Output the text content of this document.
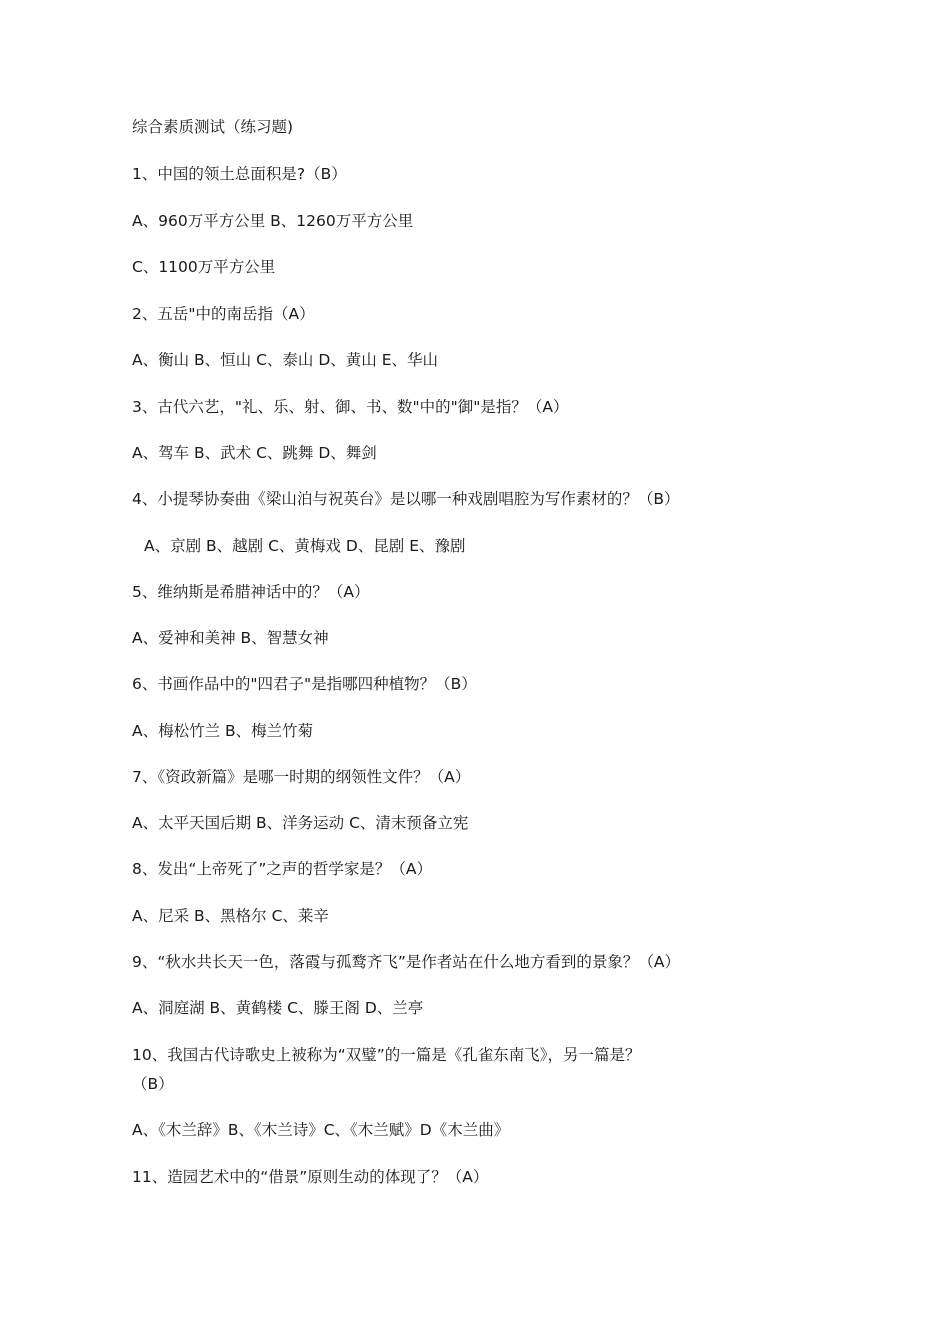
综合素质测试（练习题)
1、中国的领土总面积是?（B）
A、960万平方公里 B、1260万平方公里
C、1100万平方公里
2、五岳"中的南岳指（A）
A、衡山 B、恒山 C、泰山 D、黄山 E、华山
3、古代六艺，"礼、乐、射、御、书、数"中的"御"是指？（A）
A、驾车 B、武术 C、跳舞 D、舞剑
4、小提琴协奏曲《梁山泊与祝英台》是以哪一种戏剧唱腔为写作素材的？（B）
A、京剧 B、越剧 C、黄梅戏 D、昆剧 E、豫剧
5、维纳斯是希腊神话中的？（A）
A、爱神和美神 B、智慧女神
6、书画作品中的"四君子"是指哪四种植物？（B）
A、梅松竹兰 B、梅兰竹菊
7、《资政新篇》是哪一时期的纲领性文件？（A）
A、太平天国后期 B、洋务运动 C、清末预备立宪
8、发出“上帝死了”之声的哲学家是？（A）
A、尼采 B、黑格尔 C、莱辛
9、“秋水共长天一色，落霞与孤鹜齐飞”是作者站在什么地方看到的景象？（A）
A、洞庭湖 B、黄鹤楼 C、滕王阁 D、兰亭
10、我国古代诗歌史上被称为“双璧”的一篇是《孔雀东南飞》，另一篇是？
（B）
A、《木兰辞》B、《木兰诗》C、《木兰赋》D《木兰曲》
11、造园艺术中的“借景”原则生动的体现了？（A）
